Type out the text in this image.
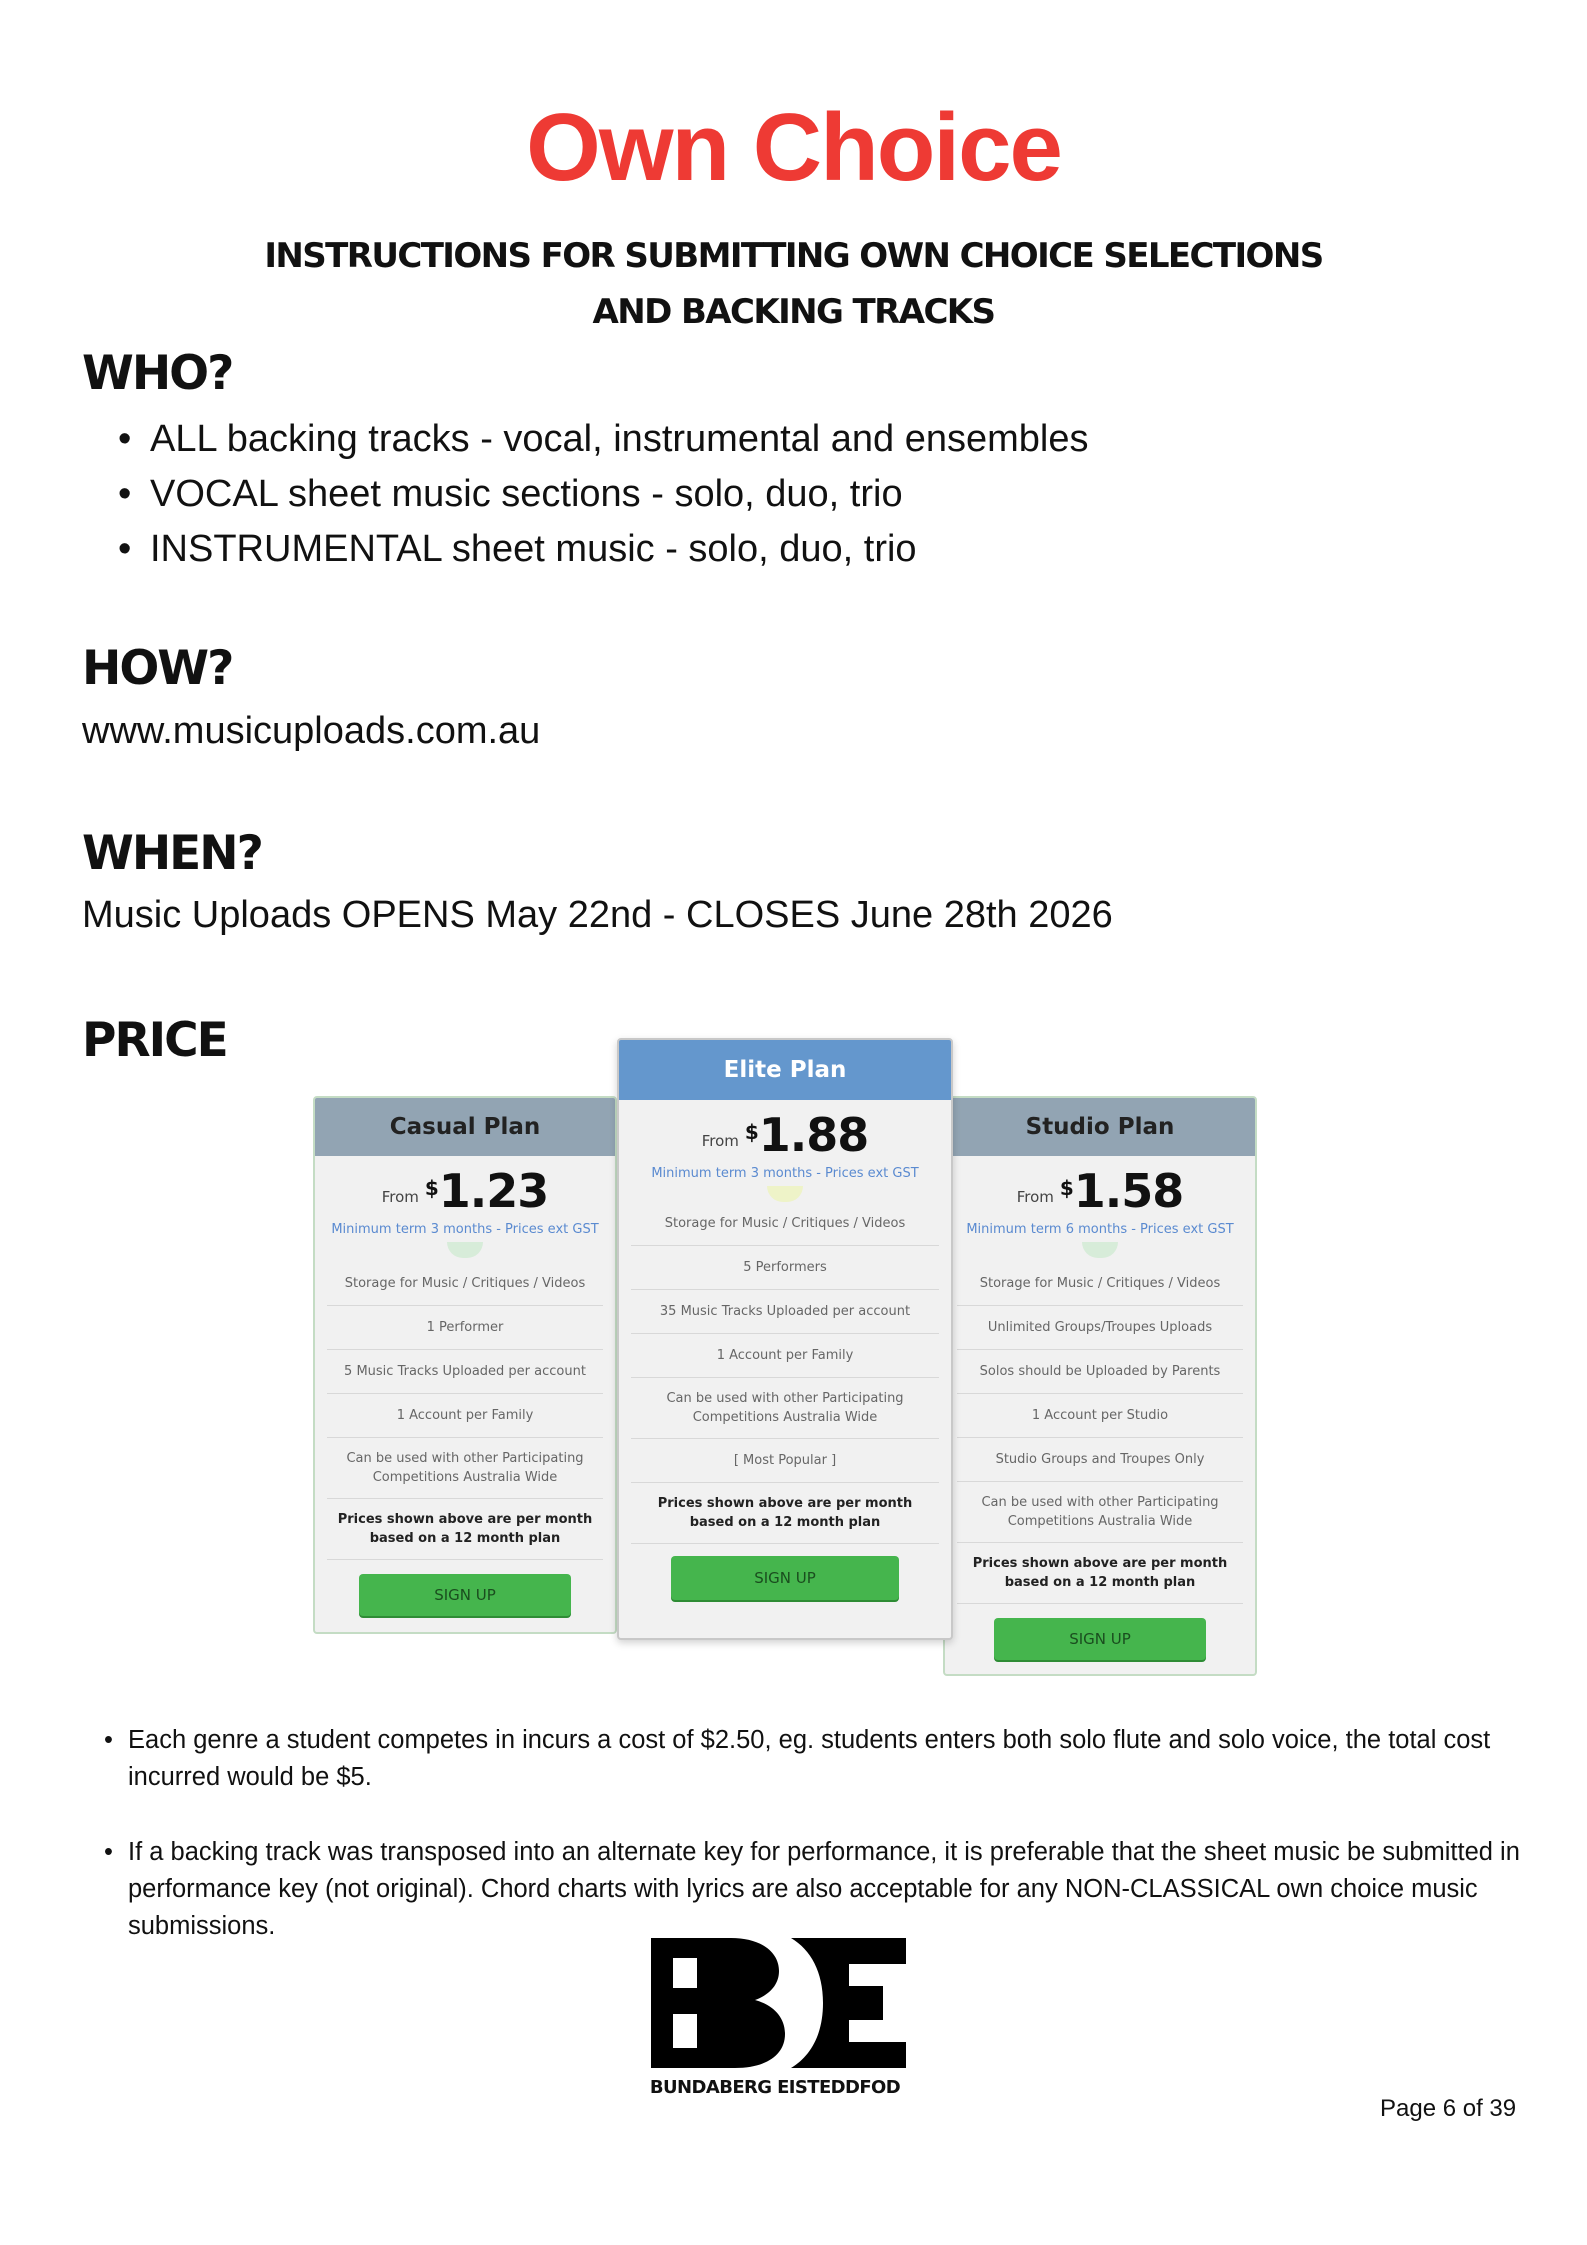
Own Choice
INSTRUCTIONS FOR SUBMITTING OWN CHOICE SELECTIONS
AND BACKING TRACKS
WHO?
• ALL backing tracks - vocal, instrumental and ensembles
• VOCAL sheet music sections - solo, duo, trio
• INSTRUMENTAL sheet music - solo, duo, trio
HOW?
www.musicuploads.com.au
WHEN?
Music Uploads OPENS May 22nd - CLOSES June 28th 2026
PRICE
Casual Plan
From $ 1.23
Minimum term 3 months - Prices ext GST
Storage for Music / Critiques / Videos
1 Performer
5 Music Tracks Uploaded per account
1 Account per Family
Can be used with other Participating Competitions Australia Wide
Prices shown above are per month based on a 12 month plan
SIGN UP
Studio Plan
From $ 1.58
Minimum term 6 months - Prices ext GST
Storage for Music / Critiques / Videos
Unlimited Groups/Troupes Uploads
Solos should be Uploaded by Parents
1 Account per Studio
Studio Groups and Troupes Only
Can be used with other Participating Competitions Australia Wide
Prices shown above are per month based on a 12 month plan
SIGN UP
Elite Plan
From $ 1.88
Minimum term 3 months - Prices ext GST
Storage for Music / Critiques / Videos
5 Performers
35 Music Tracks Uploaded per account
1 Account per Family
Can be used with other Participating Competitions Australia Wide
[ Most Popular ]
Prices shown above are per month based on a 12 month plan
SIGN UP
• Each genre a student competes in incurs a cost of $2.50, eg. students enters both solo flute and solo voice, the total cost incurred would be $5.
• If a backing track was transposed into an alternate key for performance, it is preferable that the sheet music be submitted in performance key (not original). Chord charts with lyrics are also acceptable for any NON-CLASSICAL own choice music submissions.
BUNDABERG EISTEDDFOD
Page 6 of 39
